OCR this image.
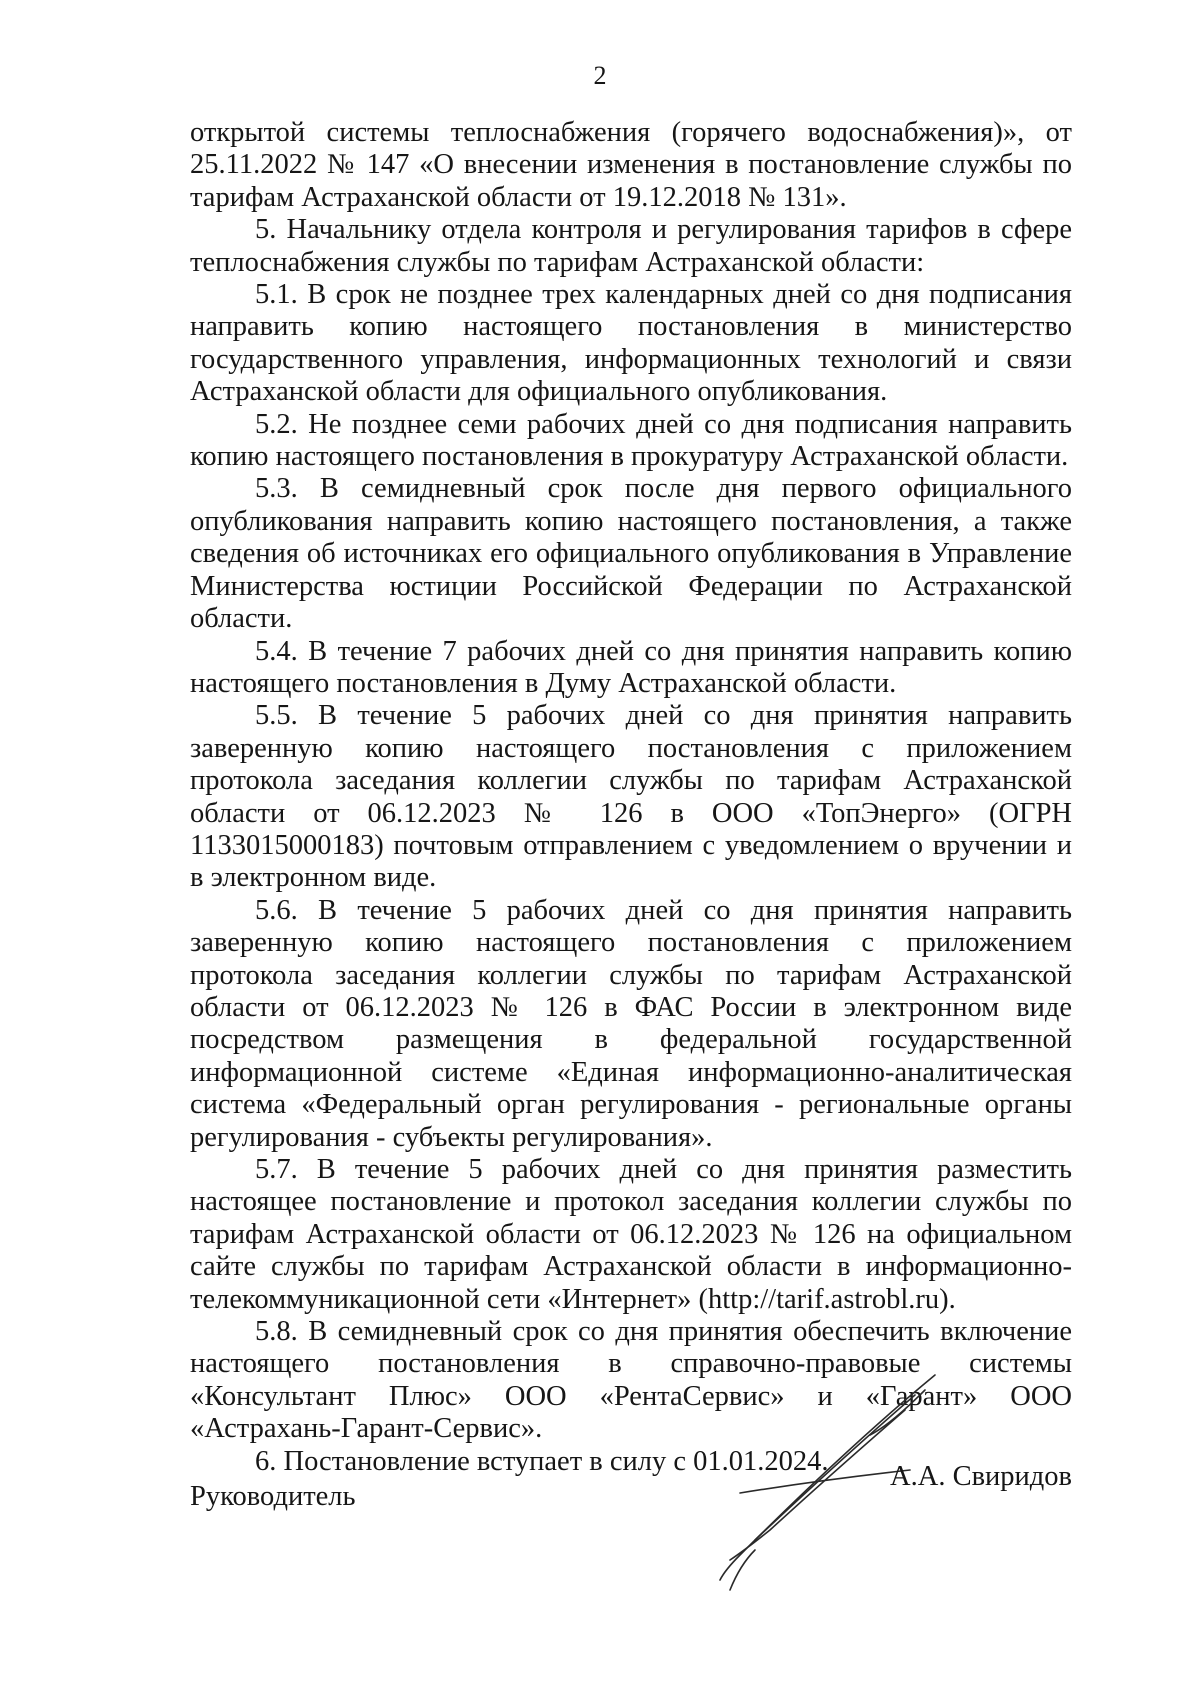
2

открытой системы теплоснабжения (горячего водоснабжения)», от 25.11.2022 № 147 «О внесении изменения в постановление службы по тарифам Астраханской области от 19.12.2018 № 131».

5. Начальнику отдела контроля и регулирования тарифов в сфере теплоснабжения службы по тарифам Астраханской области:

5.1. В срок не позднее трех календарных дней со дня подписания направить копию настоящего постановления в министерство государственного управления, информационных технологий и связи Астраханской области для официального опубликования.

5.2. Не позднее семи рабочих дней со дня подписания направить копию настоящего постановления в прокуратуру Астраханской области.

5.3. В семидневный срок после дня первого официального опубликования направить копию настоящего постановления, а также сведения об источниках его официального опубликования в Управление Министерства юстиции Российской Федерации по Астраханской области.

5.4. В течение 7 рабочих дней со дня принятия направить копию настоящего постановления в Думу Астраханской области.

5.5. В течение 5 рабочих дней со дня принятия направить заверенную копию настоящего постановления с приложением протокола заседания коллегии службы по тарифам Астраханской области от 06.12.2023 № 126 в ООО «ТопЭнерго» (ОГРН 1133015000183) почтовым отправлением с уведомлением о вручении и в электронном виде.

5.6. В течение 5 рабочих дней со дня принятия направить заверенную копию настоящего постановления с приложением протокола заседания коллегии службы по тарифам Астраханской области от 06.12.2023 № 126 в ФАС России в электронном виде посредством размещения в федеральной государственной информационной системе «Единая информационно-аналитическая система «Федеральный орган регулирования - региональные органы регулирования - субъекты регулирования».

5.7. В течение 5 рабочих дней со дня принятия разместить настоящее постановление и протокол заседания коллегии службы по тарифам Астраханской области от 06.12.2023 № 126 на официальном сайте службы по тарифам Астраханской области в информационно-телекоммуникационной сети «Интернет» (http://tarif.astrobl.ru).

5.8. В семидневный срок со дня принятия обеспечить включение настоящего постановления в справочно-правовые системы «Консультант Плюс» ООО «РентаСервис» и «Гарант» ООО «Астрахань-Гарант-Сервис».

6. Постановление вступает в силу с 01.01.2024.

Руководитель
А.А. Свиридов
